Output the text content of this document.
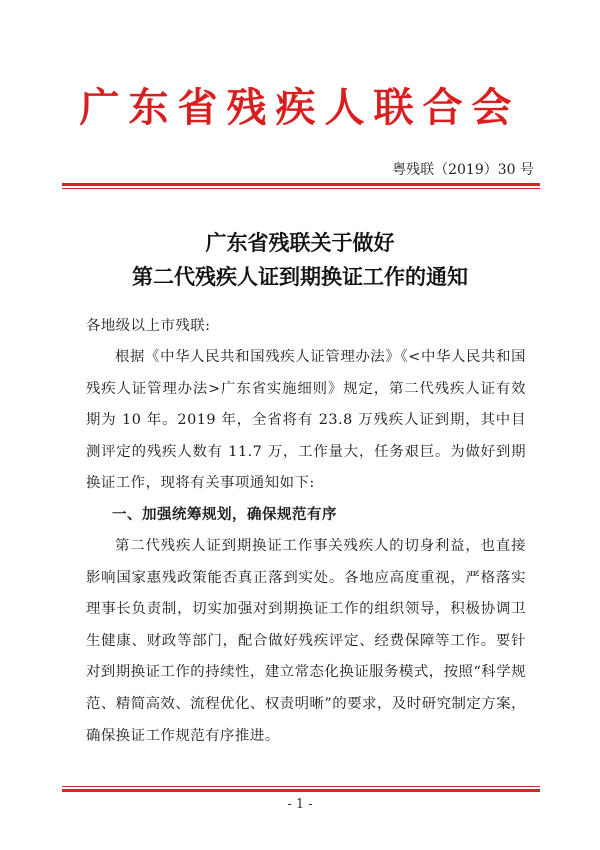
广东省残疾人联合会
粤残联（2019）30 号
广东省残联关于做好
第二代残疾人证到期换证工作的通知
各地级以上市残联:
根据《中华人民共和国残疾人证管理办法》《<中华人民共和国残疾人证管理办法>广东省实施细则》规定，第二代残疾人证有效期为 10 年。2019 年，全省将有 23.8 万残疾人证到期，其中目测评定的残疾人数有 11.7 万，工作量大，任务艰巨。为做好到期换证工作，现将有关事项通知如下:
一、加强统筹规划，确保规范有序
第二代残疾人证到期换证工作事关残疾人的切身利益，也直接影响国家惠残政策能否真正落到实处。各地应高度重视，严格落实理事长负责制，切实加强对到期换证工作的组织领导，积极协调卫生健康、财政等部门，配合做好残疾评定、经费保障等工作。要针对到期换证工作的持续性，建立常态化换证服务模式，按照“科学规范、精简高效、流程优化、权责明晰”的要求，及时研究制定方案，确保换证工作规范有序推进。
- 1 -
